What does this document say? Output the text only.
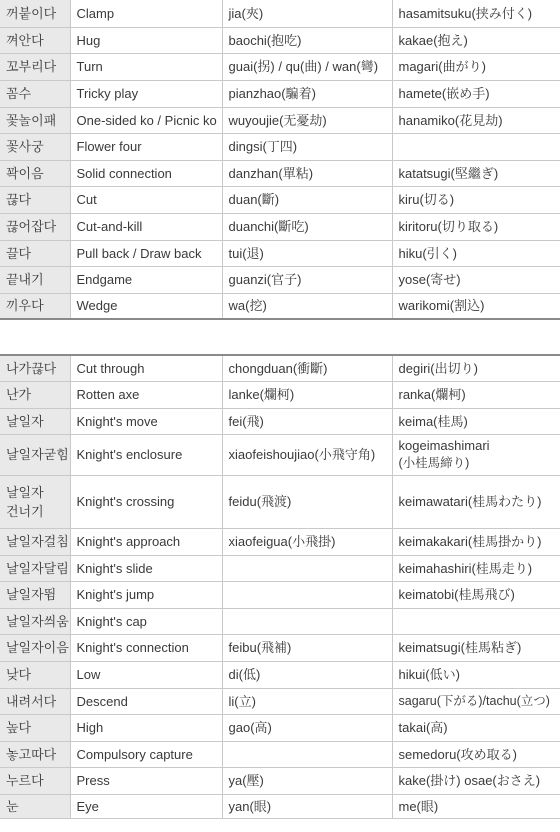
꺼붙이다	Clamp	jia(夾)	hasamitsuku(挟み付く)
껴안다	Hug	baochi(抱吃)	kakae(抱え)
꼬부리다	Turn	guai(拐) / qu(曲) / wan(彎)	magari(曲がり)
꼼수	Tricky play	pianzhao(騙着)	hamete(嵌め手)
꽃놀이패	One-sided ko / Picnic ko	wuyoujie(无憂劫)	hanamiko(花見劫)
꽃사궁	Flower four	dingsi(丁四)	
꽉이음	Solid connection	danzhan(單粘)	katatsugi(堅繼ぎ)
끊다	Cut	duan(斷)	kiru(切る)
끊어잡다	Cut-and-kill	duanchi(斷吃)	kiritoru(切り取る)
끌다	Pull back / Draw back	tui(退)	hiku(引く)
끝내기	Endgame	guanzi(官子)	yose(寄せ)
끼우다	Wedge	wa(挖)	warikomi(割込)
나가끊다	Cut through	chongduan(衝斷)	degiri(出切り)
난가	Rotten axe	lanke(爛柯)	ranka(爛柯)
날일자	Knight's move	fei(飛)	keima(桂馬)
날일자굳힘	Knight's enclosure	xiaofeishoujiao(小飛守角)	kogeimashimari
(小桂馬締り)

날일자
건너기	Knight's crossing	feidu(飛渡)	keimawatari(桂馬わたり)
날일자걸침	Knight's approach	xiaofeigua(小飛掛)	keimakakari(桂馬掛かり)
날일자달림	Knight's slide		keimahashiri(桂馬走り)
날일자뜀	Knight's jump		keimatobi(桂馬飛び)
날일자씌움	Knight's cap		
날일자이음	Knight's connection	feibu(飛補)	keimatsugi(桂馬粘ぎ)
낮다	Low	di(低)	hikui(低い)
내려서다	Descend	li(立)	sagaru(下がる)/tachu(立つ)
높다	High	gao(高)	takai(高)
놓고따다	Compulsory capture		semedoru(攻め取る)
누르다	Press	ya(壓)	kake(掛け) osae(おさえ)
눈	Eye	yan(眼)	me(眼)
